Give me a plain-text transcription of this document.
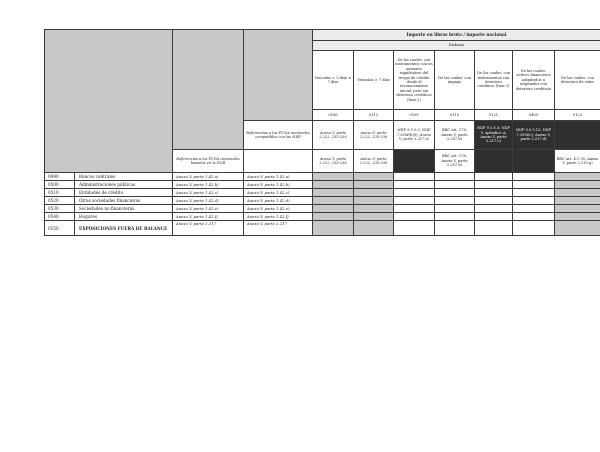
				Importe en libros bruto / importe nocional						
				Dudosas						
				Vencidas > 3 días ≤ 7 días	Vencidas > 7 días	De las cuales: con instrumentos con un aumento significativo del riesgo de crédito desde el reconocimiento inicial, pero sin deterioro crediticio (fase 2)	De las cuales: con impago	De los cuales: con instrumentos con deterioro crediticio (fase 3)	De las cuales: activos financieros adquiridos u originados con deterioro crediticio	De las cuales: con deterioro de valor
				0106	0112	0109	0110	0121	0400	0122
			Referencias a los PCGA nacionales compatibles con las NIIF	Anexo V, parte 2.222, 235-236	Anexo V, parte 2.222, 235-236	NIIF 9.5.5.3; NIIF 7.35M(b)(i); Anexo V, parte 2.217.a)	RRC art. 178; Anexo V, parte 2.257.b)	NIIF 9.5.5.3; NIIF 9, apéndice A; Anexo V, parte 2.217.c)	NIIF 9.5.5.13; NIIF 7.35M(c); Anexo V, parte 2.217.d)	
		Referencias a los PCGA nacionales basados en la DCB		Anexo V, parte 2.222, 235-236	Anexo V, parte 2.222, 235-236		RRC art. 178; Anexo V, parte 2.257.b)			RRC art. 4.1.95; Anexo V, parte 2.215.g)
0490	Bancos centrales	Anexo V, parte 1.42.a)	Anexo V, parte 1.42.a)							
0500	Administraciones públicas	Anexo V, parte 1.42.b)	Anexo V, parte 1.42.b)							
0510	Entidades de crédito	Anexo V, parte 1.42.c)	Anexo V, parte 1.42.c)							
0520	Otras sociedades financieras	Anexo V, parte 1.42.d)	Anexo V, parte 1.42.d)							
0530	Sociedades no financieras	Anexo V, parte 1.42.e)	Anexo V, parte 1.42.e)							
0540	Hogares	Anexo V, parte 1.42.f)	Anexo V, parte 1.42.f)							
0550	EXPOSICIONES FUERA DE BALANCE	Anexo V, parte 2.217	Anexo V, parte 2.217							
